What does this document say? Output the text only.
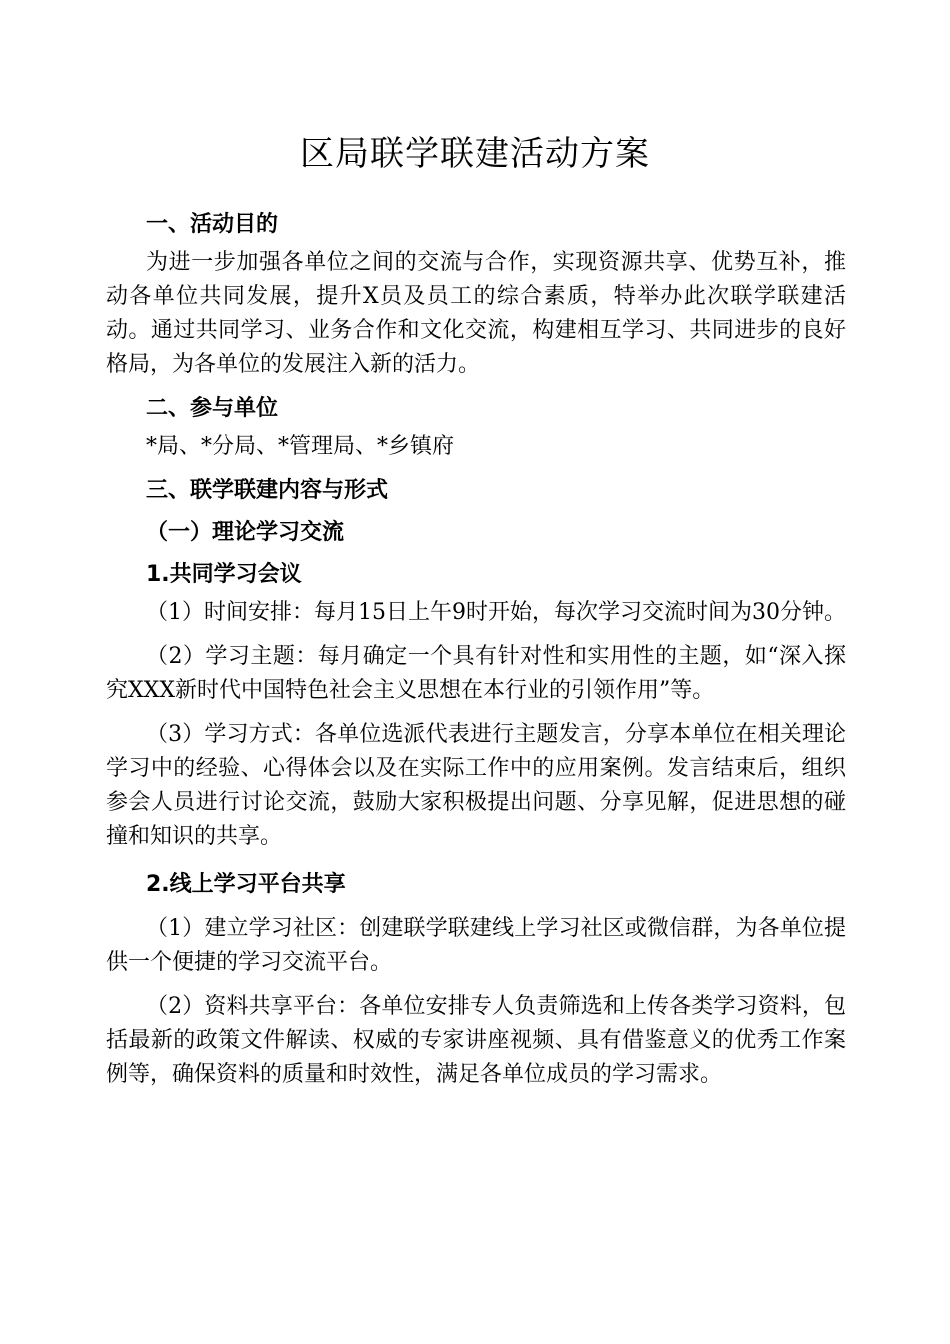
区局联学联建活动方案

一、活动目的

为进一步加强各单位之间的交流与合作，实现资源共享、优势互补，推动各单位共同发展，提升X员及员工的综合素质，特举办此次联学联建活动。通过共同学习、业务合作和文化交流，构建相互学习、共同进步的良好格局，为各单位的发展注入新的活力。

二、参与单位

*局、*分局、*管理局、*乡镇府

三、联学联建内容与形式

（一）理论学习交流

1.共同学习会议

（1）时间安排：每月15日上午9时开始，每次学习交流时间为30分钟。

（2）学习主题：每月确定一个具有针对性和实用性的主题，如“深入探究XXX新时代中国特色社会主义思想在本行业的引领作用”等。

（3）学习方式：各单位选派代表进行主题发言，分享本单位在相关理论学习中的经验、心得体会以及在实际工作中的应用案例。发言结束后，组织参会人员进行讨论交流，鼓励大家积极提出问题、分享见解，促进思想的碰撞和知识的共享。

2.线上学习平台共享

（1）建立学习社区：创建联学联建线上学习社区或微信群，为各单位提供一个便捷的学习交流平台。

（2）资料共享平台：各单位安排专人负责筛选和上传各类学习资料，包括最新的政策文件解读、权威的专家讲座视频、具有借鉴意义的优秀工作案例等，确保资料的质量和时效性，满足各单位成员的学习需求。
